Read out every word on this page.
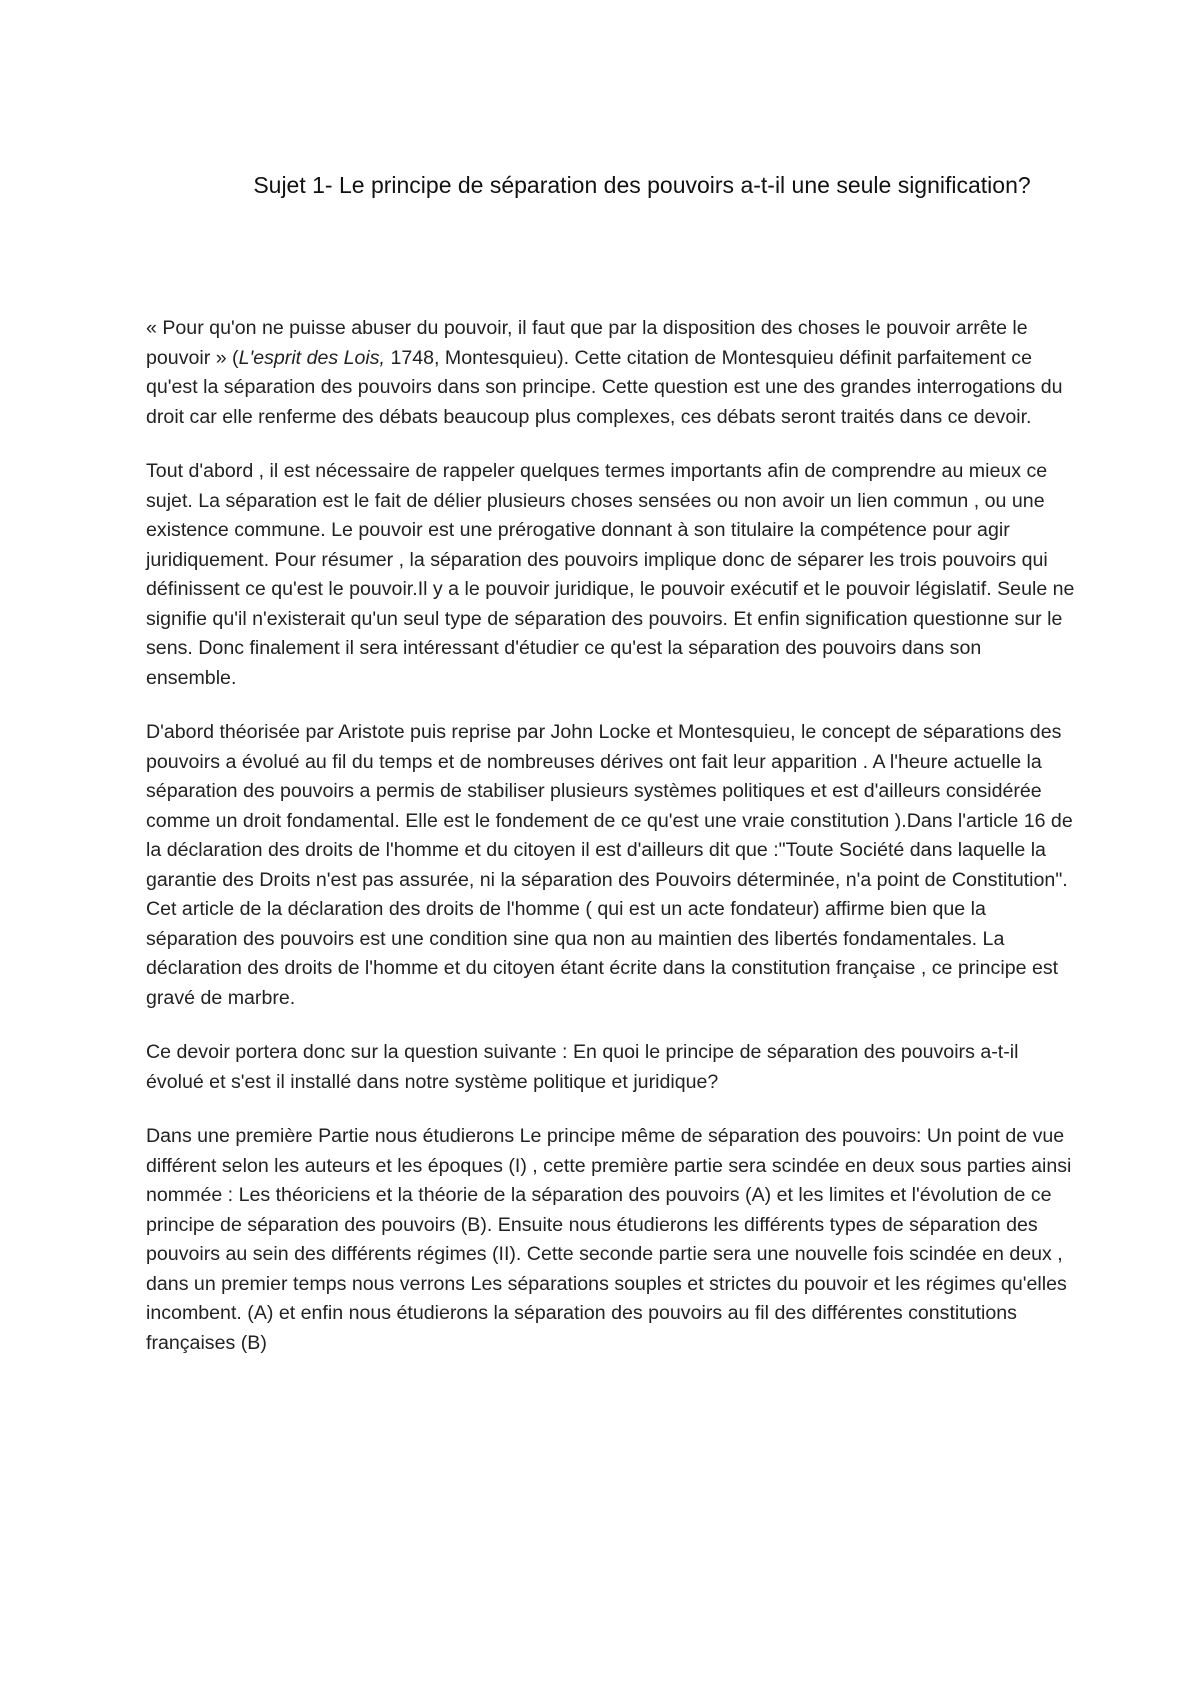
Sujet 1- Le principe de séparation des pouvoirs a-t-il une seule signification?

« Pour qu'on ne puisse abuser du pouvoir, il faut que par la disposition des choses le pouvoir arrête le pouvoir » (L'esprit des Lois, 1748, Montesquieu). Cette citation de Montesquieu définit parfaitement ce qu'est la séparation des pouvoirs dans son principe. Cette question est une des grandes interrogations du droit car elle renferme des débats beaucoup plus complexes, ces débats seront traités dans ce devoir.

Tout d'abord , il est nécessaire de rappeler quelques termes importants afin de comprendre au mieux ce sujet. La séparation est le fait de délier plusieurs choses sensées ou non avoir un lien commun , ou une existence commune. Le pouvoir est une prérogative donnant à son titulaire la compétence pour agir juridiquement. Pour résumer , la séparation des pouvoirs implique donc de séparer les trois pouvoirs qui définissent ce qu'est le pouvoir.Il y a le pouvoir juridique, le pouvoir exécutif et le pouvoir législatif. Seule ne signifie qu'il n'existerait qu'un seul type de séparation des pouvoirs. Et enfin signification questionne sur le sens. Donc finalement il sera intéressant d'étudier ce qu'est la séparation des pouvoirs dans son ensemble.

D'abord théorisée par Aristote puis reprise par John Locke et Montesquieu, le concept de séparations des pouvoirs a évolué au fil du temps et de nombreuses dérives ont fait leur apparition . A l'heure actuelle la séparation des pouvoirs a permis de stabiliser plusieurs systèmes politiques et est d'ailleurs considérée comme un droit fondamental. Elle est le fondement de ce qu'est une vraie constitution ).Dans l'article 16 de la déclaration des droits de l'homme et du citoyen il est d'ailleurs dit que :"Toute Société dans laquelle la garantie des Droits n'est pas assurée, ni la séparation des Pouvoirs déterminée, n'a point de Constitution". Cet article de la déclaration des droits de l'homme ( qui est un acte fondateur) affirme bien que la séparation des pouvoirs est une condition sine qua non au maintien des libertés fondamentales. La déclaration des droits de l'homme et du citoyen étant écrite dans la constitution française , ce principe est gravé de marbre.

Ce devoir portera donc sur la question suivante : En quoi le principe de séparation des pouvoirs a-t-il évolué et s'est il installé dans notre système politique et juridique?

Dans une première Partie nous étudierons Le principe même de séparation des pouvoirs: Un point de vue différent selon les auteurs et les époques (I) , cette première partie sera scindée en deux sous parties ainsi nommée : Les théoriciens et la théorie de la séparation des pouvoirs (A) et les limites et l'évolution de ce principe de séparation des pouvoirs (B). Ensuite nous étudierons les différents types de séparation des pouvoirs au sein des différents régimes (II). Cette seconde partie sera une nouvelle fois scindée en deux , dans un premier temps nous verrons Les séparations souples et strictes du pouvoir et les régimes qu'elles incombent. (A) et enfin nous étudierons la séparation des pouvoirs au fil des différentes constitutions françaises (B)
